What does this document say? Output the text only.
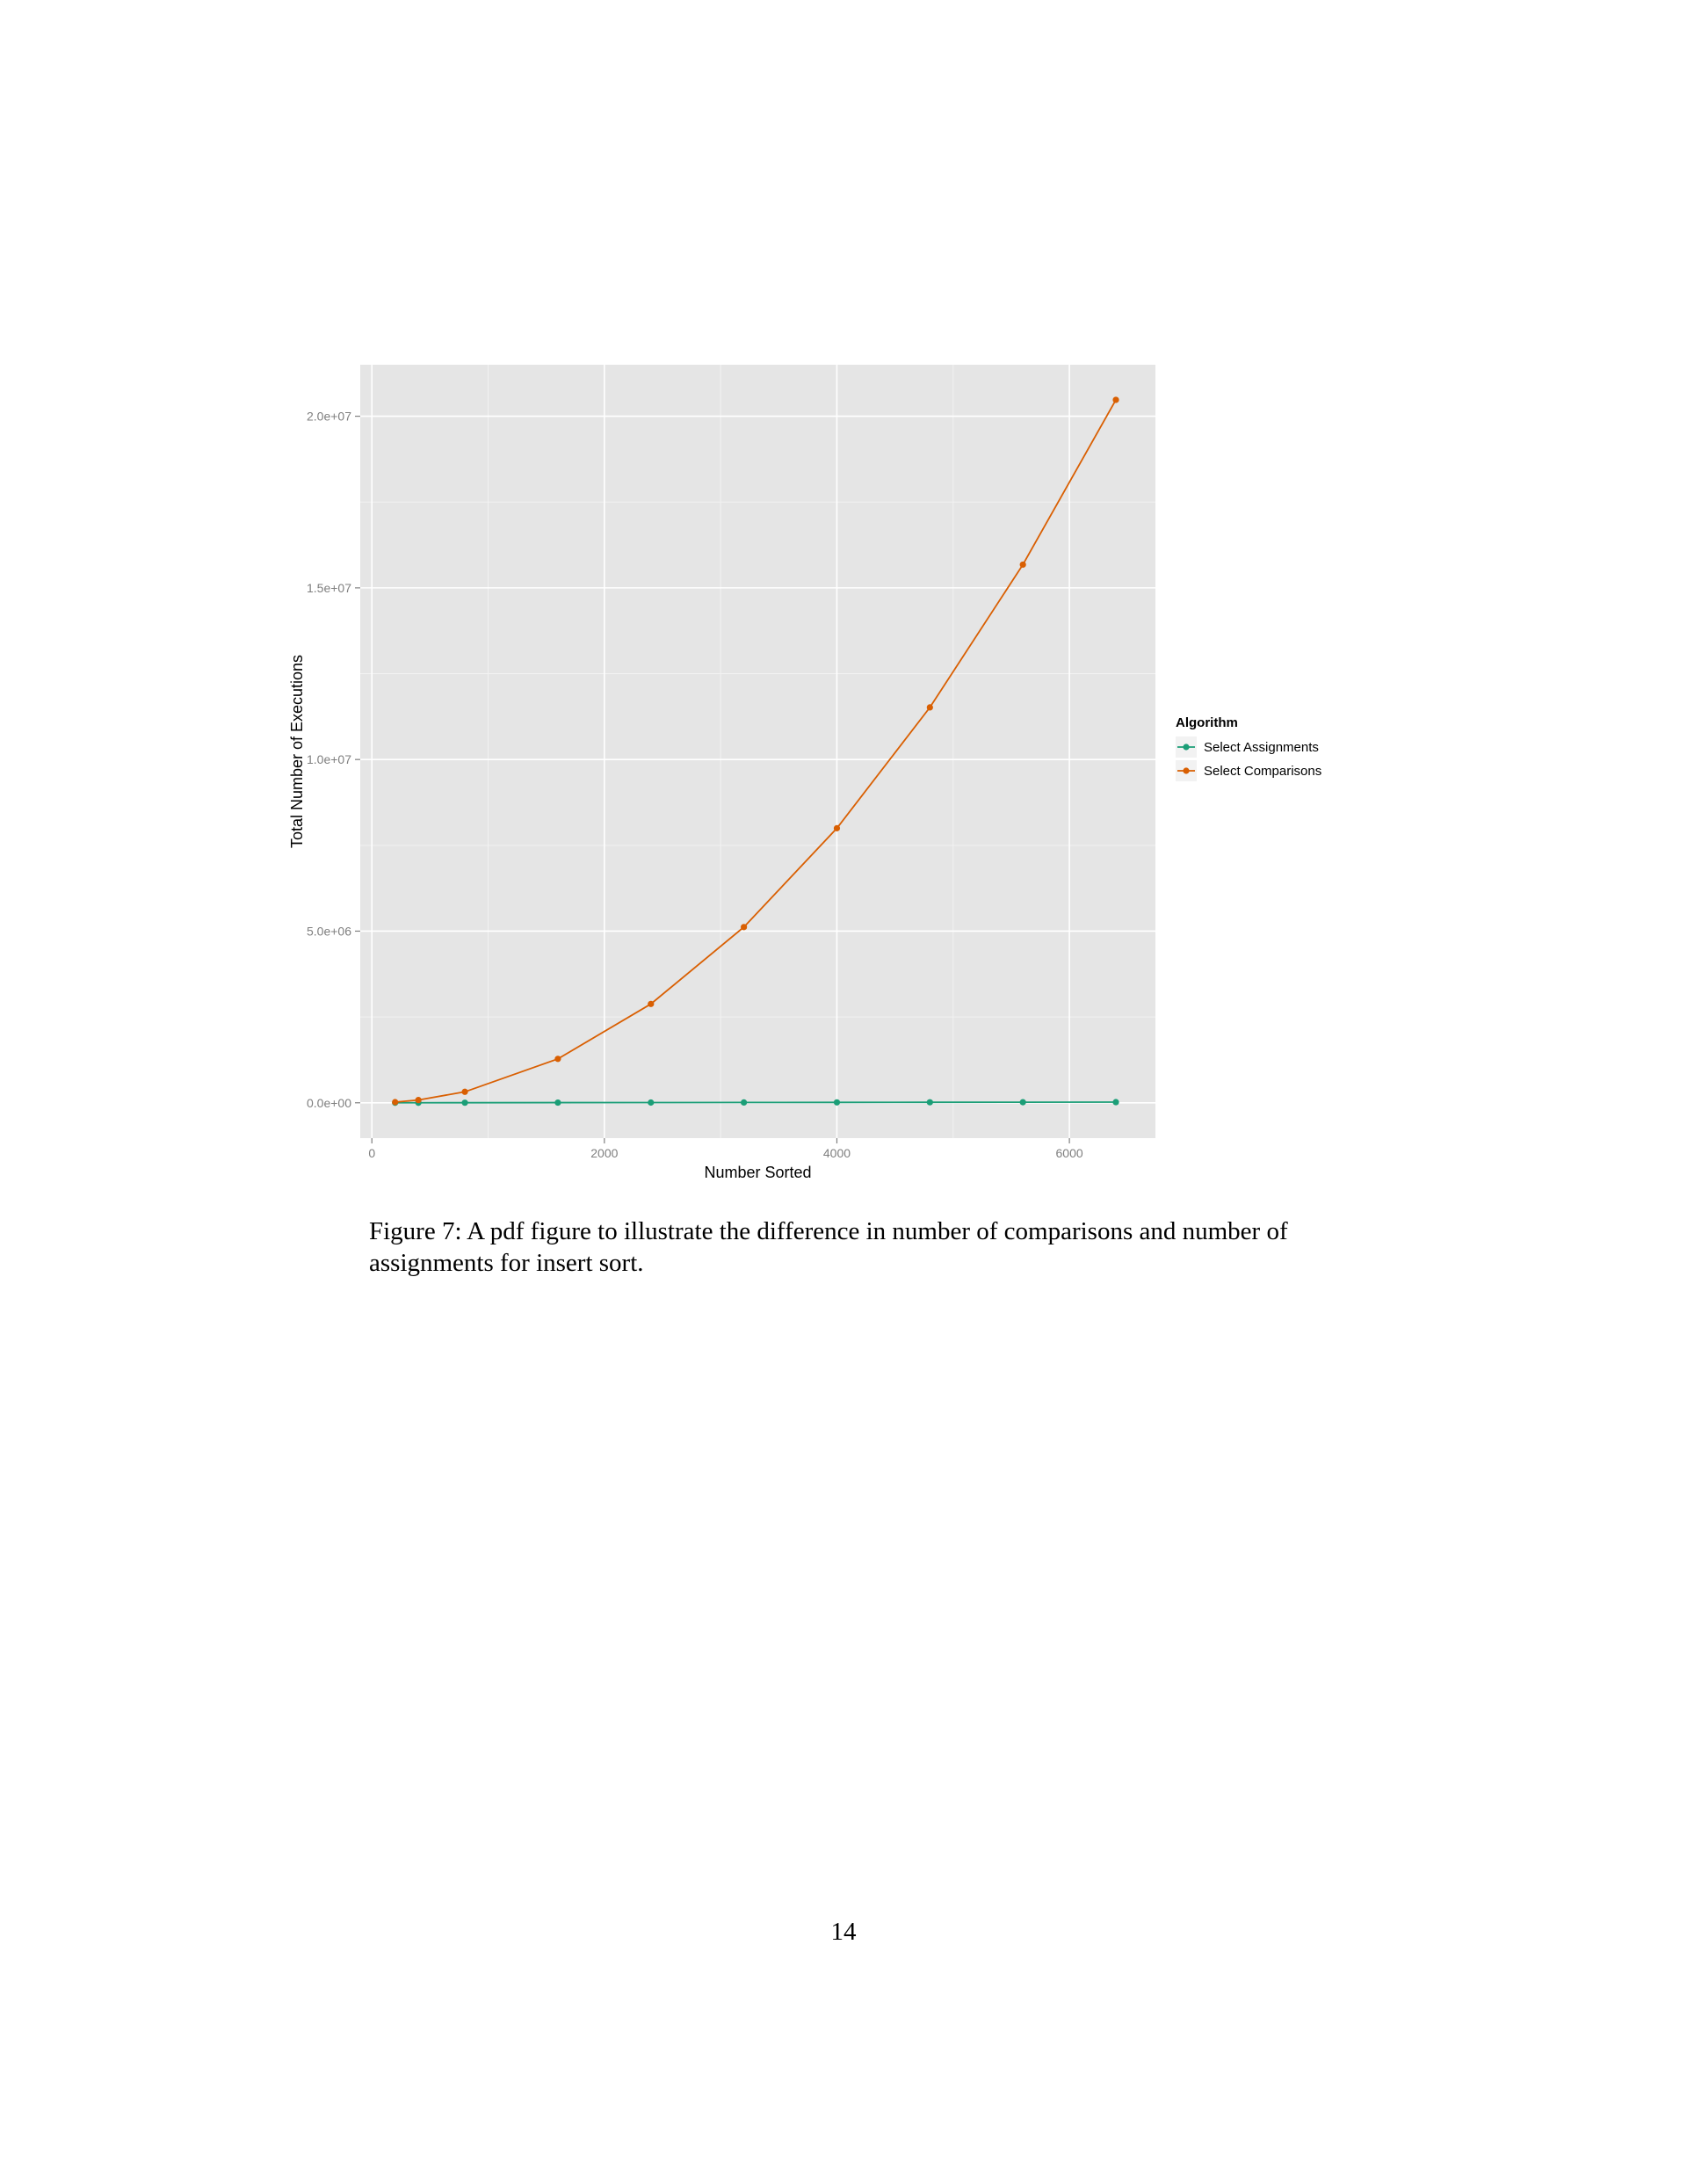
0.0e+00
5.0e+06
1.0e+07
1.5e+07
2.0e+07
0	2000	4000	6000
Number Sorted
Total Number of Executions	Algorithm
Select Assignments
Select Comparisons
Figure 7: A pdf figure to illustrate the difference in number of comparisons and number of assignments for insert sort.
14
